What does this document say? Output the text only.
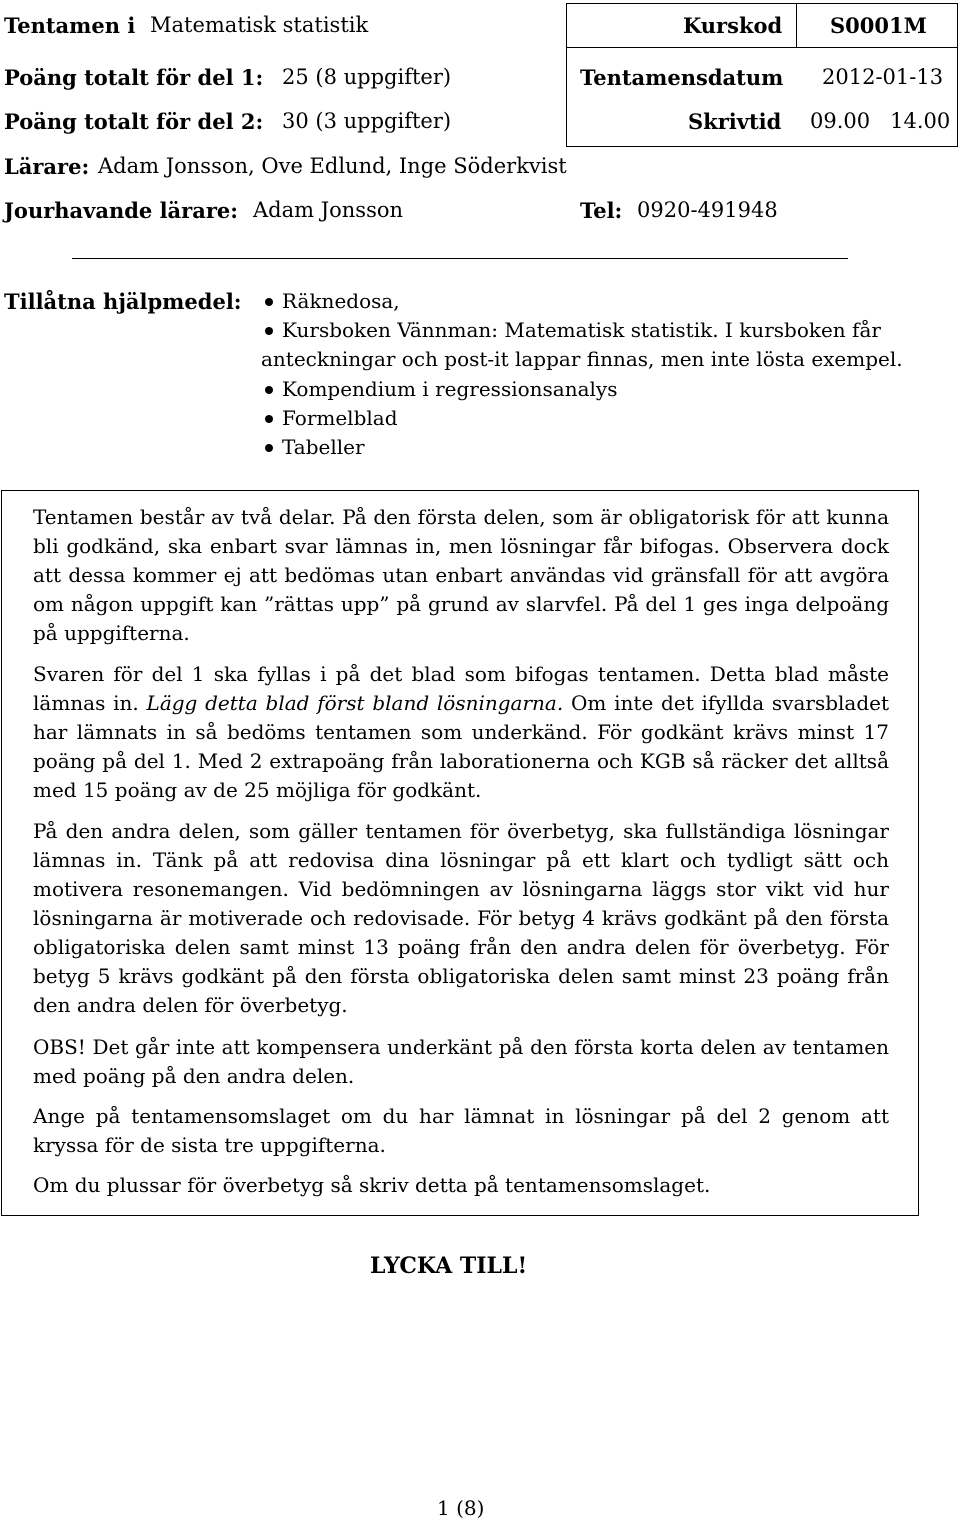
Tentamen i Matematisk statistik	Kurskod S0001M
Poäng totalt för del 1: 25 (8 uppgifter)	Tentamensdatum 2012-01-13
Poäng totalt för del 2: 30 (3 uppgifter)	Skrivtid 09.00   14.00
Lärare: Adam Jonsson, Ove Edlund, Inge Söderkvist
Jourhavande lärare: Adam Jonsson	Tel: 0920-491948
Tillåtna hjälpmedel: Räknedosa,
Kursboken Vännman: Matematisk statistik. I kursboken får
anteckningar och post-it lappar finnas, men inte lösta exempel.
Kompendium i regressionsanalys
Formelblad
Tabeller
Tentamen består av två delar. På den första delen, som är obligatorisk för att kunna
bli godkänd, ska enbart svar lämnas in, men lösningar får bifogas. Observera dock
att dessa kommer ej att bedömas utan enbart användas vid gränsfall för att avgöra
om någon uppgift kan ”rättas upp” på grund av slarvfel. På del 1 ges inga delpoäng
på uppgifterna.
Svaren för del 1 ska fyllas i på det blad som bifogas tentamen. Detta blad måste
lämnas in. Lägg detta blad först bland lösningarna. Om inte det ifyllda svarsbladet
har lämnats in så bedöms tentamen som underkänd. För godkänt krävs minst 17
poäng på del 1. Med 2 extrapoäng från laborationerna och KGB så räcker det alltså
med 15 poäng av de 25 möjliga för godkänt.
På den andra delen, som gäller tentamen för överbetyg, ska fullständiga lösningar
lämnas in. Tänk på att redovisa dina lösningar på ett klart och tydligt sätt och
motivera resonemangen. Vid bedömningen av lösningarna läggs stor vikt vid hur
lösningarna är motiverade och redovisade. För betyg 4 krävs godkänt på den första
obligatoriska delen samt minst 13 poäng från den andra delen för överbetyg. För
betyg 5 krävs godkänt på den första obligatoriska delen samt minst 23 poäng från
den andra delen för överbetyg.
OBS! Det går inte att kompensera underkänt på den första korta delen av tentamen
med poäng på den andra delen.
Ange på tentamensomslaget om du har lämnat in lösningar på del 2 genom att
kryssa för de sista tre uppgifterna.
Om du plussar för överbetyg så skriv detta på tentamensomslaget.
LYCKA TILL!
1 (8)
